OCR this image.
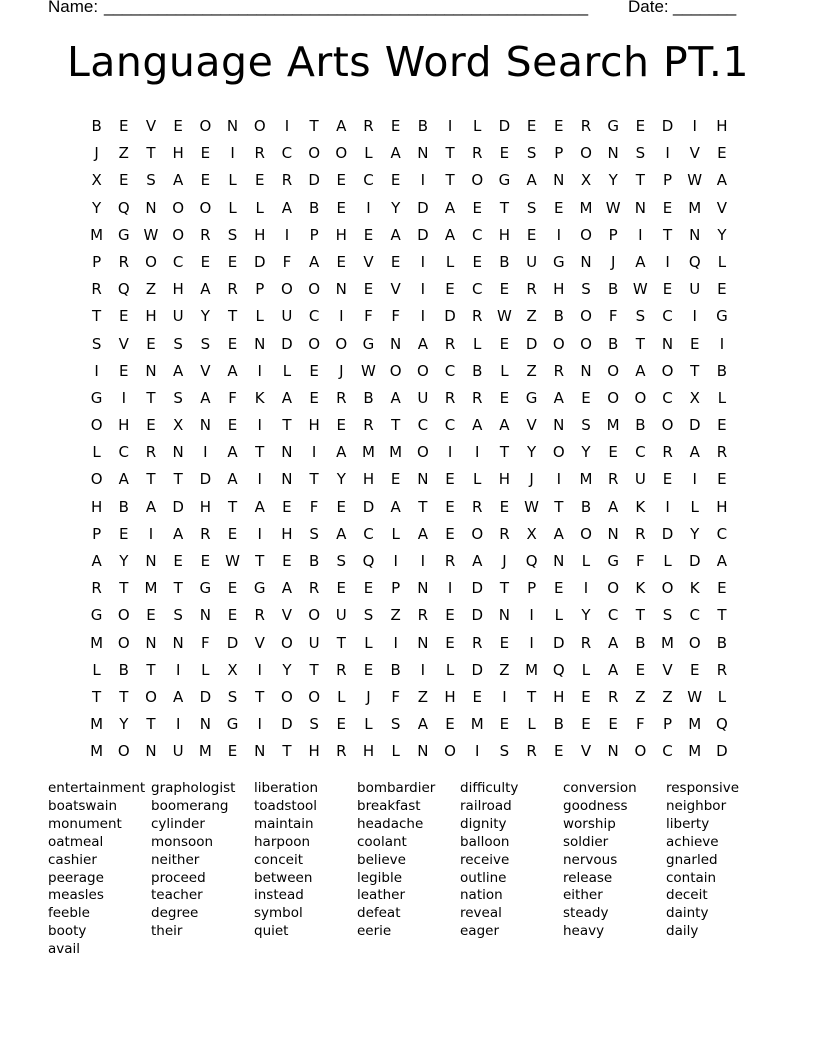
Name: ______________________________________________________ Date: _______
Language Arts Word Search PT.1
B	E	V	E	O	N	O	I	T	A	R	E	B	I	L	D	E	E	R	G	E	D	I	H
J	Z	T	H	E	I	R	C	O	O	L	A	N	T	R	E	S	P	O	N	S	I	V	E
X	E	S	A	E	L	E	R	D	E	C	E	I	T	O	G	A	N	X	Y	T	P	W A
Y	Q	N	O	O	L	L	A	B	E	I	Y	D	A	E	T	S	E	M W N	E	M	V
M G W O	R	S	H	I	P	H	E	A	D	A	C	H	E	I	O	P	I	T	N	Y
P	R	O	C	E	E	D	F	A	E	V	E	I	L	E	B	U	G	N	J	A	I	Q	L
R	Q	Z	H	A	R	P	O	O	N	E	V	I	E	C	E	R	H	S	B W	E	U	E
T	E	H	U	Y	T	L	U	C	I	F	F	I	D	R W Z	B	O	F	S	C	I	G
S	V	E	S	S	E	N	D	O	O	G	N	A	R	L	E	D	O	O	B	T	N	E	I
I	E	N	A	V	A	I	L	E	J	W O	O	C	B	L	Z	R	N	O	A	O	T	B
G	I	T	S	A	F	K	A	E	R	B	A	U	R	R	E	G	A	E	O	O	C	X	L
O	H	E	X	N	E	I	T	H	E	R	T	C	C	A	A	V	N	S	M	B	O	D	E
L	C	R	N	I	A	T	N	I	A	M M O	I	I	T	Y	O	Y	E	C	R	A	R
O	A	T	T	D	A	I	N	T	Y	H	E	N	E	L	H	J	I	M	R	U	E	I	E
H	B	A	D	H	T	A	E	F	E	D	A	T	E	R	E	W	T	B	A	K	I	L	H
P	E	I	A	R	E	I	H	S	A	C	L	A	E	O	R	X	A	O	N	R	D	Y	C
A	Y	N	E	E	W	T	E	B	S	Q	I	I	R	A	J	Q	N	L	G	F	L	D	A
R	T	M	T	G	E	G	A	R	E	E	P	N	I	D	T	P	E	I	O	K	O	K	E
G	O	E	S	N	E	R	V	O	U	S	Z	R	E	D	N	I	L	Y	C	T	S	C	T
M O	N	N	F	D	V	O	U	T	L	I	N	E	R	E	I	D	R	A	B	M O	B
L	B	T	I	L	X	I	Y	T	R	E	B	I	L	D	Z	M Q	L	A	E	V	E	R
T	T	O	A	D	S	T	O	O	L	J	F	Z	H	E	I	T	H	E	R	Z	Z W	L
M	Y	T	I	N	G	I	D	S	E	L	S	A	E	M	E	L	B	E	E	F	P	M Q
M O	N	U	M	E	N	T	H	R	H	L	N	O	I	S	R	E	V	N	O	C	M D
entertainment
boatswain
monument
oatmeal
cashier
peerage
measles
feeble
booty
avail
graphologist
boomerang
cylinder
monsoon
neither
proceed
teacher
degree
their
liberation
toadstool
maintain
harpoon
conceit
between
instead
symbol
quiet
bombardier
breakfast
headache
coolant
believe
legible
leather
defeat
eerie
difficulty
railroad
dignity
balloon
receive
outline
nation
reveal
eager
conversion
goodness
worship
soldier
nervous
release
either
steady
heavy
responsive
neighbor
liberty
achieve
gnarled
contain
deceit
dainty
daily
